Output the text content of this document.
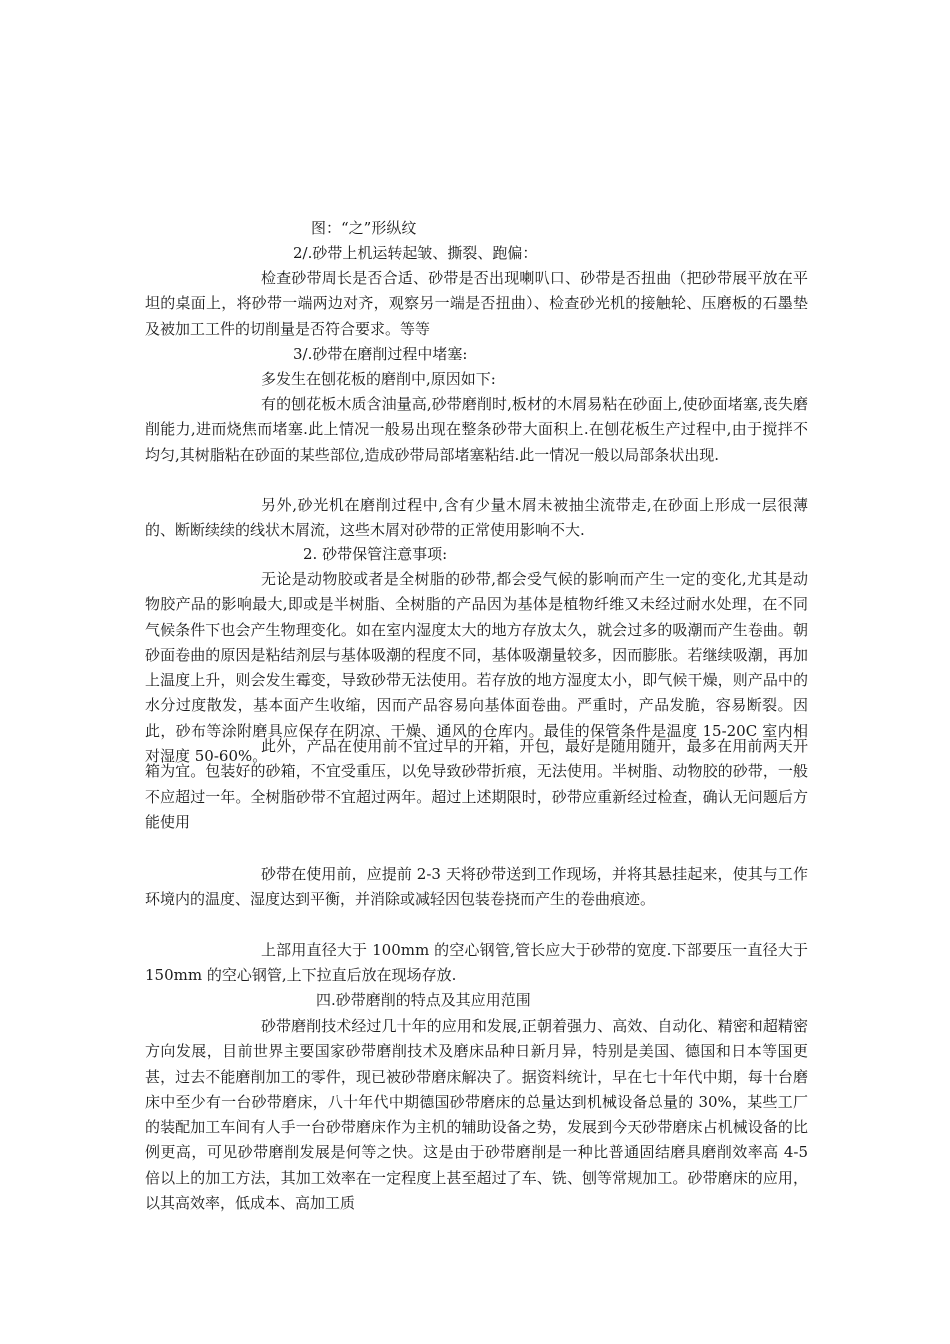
图：“之”形纵纹

2/.砂带上机运转起皱、撕裂、跑偏：

检查砂带周长是否合适、砂带是否出现喇叭口、砂带是否扭曲（把砂带展平放在平坦的桌面上，将砂带一端两边对齐，观察另一端是否扭曲）、检查砂光机的接触轮、压磨板的石墨垫及被加工工件的切削量是否符合要求。等等

3/.砂带在磨削过程中堵塞:

多发生在刨花板的磨削中,原因如下:

有的刨花板木质含油量高,砂带磨削时,板材的木屑易粘在砂面上,使砂面堵塞,丧失磨削能力,进而烧焦而堵塞.此上情况一般易出现在整条砂带大面积上.在刨花板生产过程中,由于搅拌不均匀,其树脂粘在砂面的某些部位,造成砂带局部堵塞粘结.此一情况一般以局部条状出现.

另外,砂光机在磨削过程中,含有少量木屑未被抽尘流带走,在砂面上形成一层很薄的、断断续续的线状木屑流，这些木屑对砂带的正常使用影响不大.

2. 砂带保管注意事项:

无论是动物胶或者是全树脂的砂带,都会受气候的影响而产生一定的变化,尤其是动物胶产品的影响最大,即或是半树脂、全树脂的产品因为基体是植物纤维又未经过耐水处理，在不同气候条件下也会产生物理变化。如在室内湿度太大的地方存放太久，就会过多的吸潮而产生卷曲。朝砂面卷曲的原因是粘结剂层与基体吸潮的程度不同，基体吸潮量较多，因而膨胀。若继续吸潮，再加上温度上升，则会发生霉变，导致砂带无法使用。若存放的地方湿度太小，即气候干燥，则产品中的水分过度散发，基本面产生收缩，因而产品容易向基体面卷曲。严重时，产品发脆，容易断裂。因此，砂布等涂附磨具应保存在阴凉、干燥、通风的仓库内。最佳的保管条件是温度 15-20C 室内相对湿度 50-60%。

此外，产品在使用前不宜过早的开箱，开包，最好是随用随开，最多在用前两天开箱为宜。包装好的砂箱，不宜受重压，以免导致砂带折痕，无法使用。半树脂、动物胶的砂带，一般不应超过一年。全树脂砂带不宜超过两年。超过上述期限时，砂带应重新经过检查，确认无问题后方能使用

砂带在使用前，应提前 2-3 天将砂带送到工作现场，并将其悬挂起来，使其与工作环境内的温度、湿度达到平衡，并消除或减轻因包装卷挠而产生的卷曲痕迹。

上部用直径大于 100mm 的空心钢管,管长应大于砂带的宽度.下部要压一直径大于 150mm 的空心钢管,上下拉直后放在现场存放.

四.砂带磨削的特点及其应用范围

砂带磨削技术经过几十年的应用和发展,正朝着强力、高效、自动化、精密和超精密方向发展，目前世界主要国家砂带磨削技术及磨床品种日新月异，特别是美国、德国和日本等国更甚，过去不能磨削加工的零件，现已被砂带磨床解决了。据资料统计，早在七十年代中期，每十台磨床中至少有一台砂带磨床，八十年代中期德国砂带磨床的总量达到机械设备总量的 30%，某些工厂的装配加工车间有人手一台砂带磨床作为主机的辅助设备之势，发展到今天砂带磨床占机械设备的比例更高，可见砂带磨削发展是何等之快。这是由于砂带磨削是一种比普通固结磨具磨削效率高 4-5 倍以上的加工方法，其加工效率在一定程度上甚至超过了车、铣、刨等常规加工。砂带磨床的应用，以其高效率，低成本、高加工质
